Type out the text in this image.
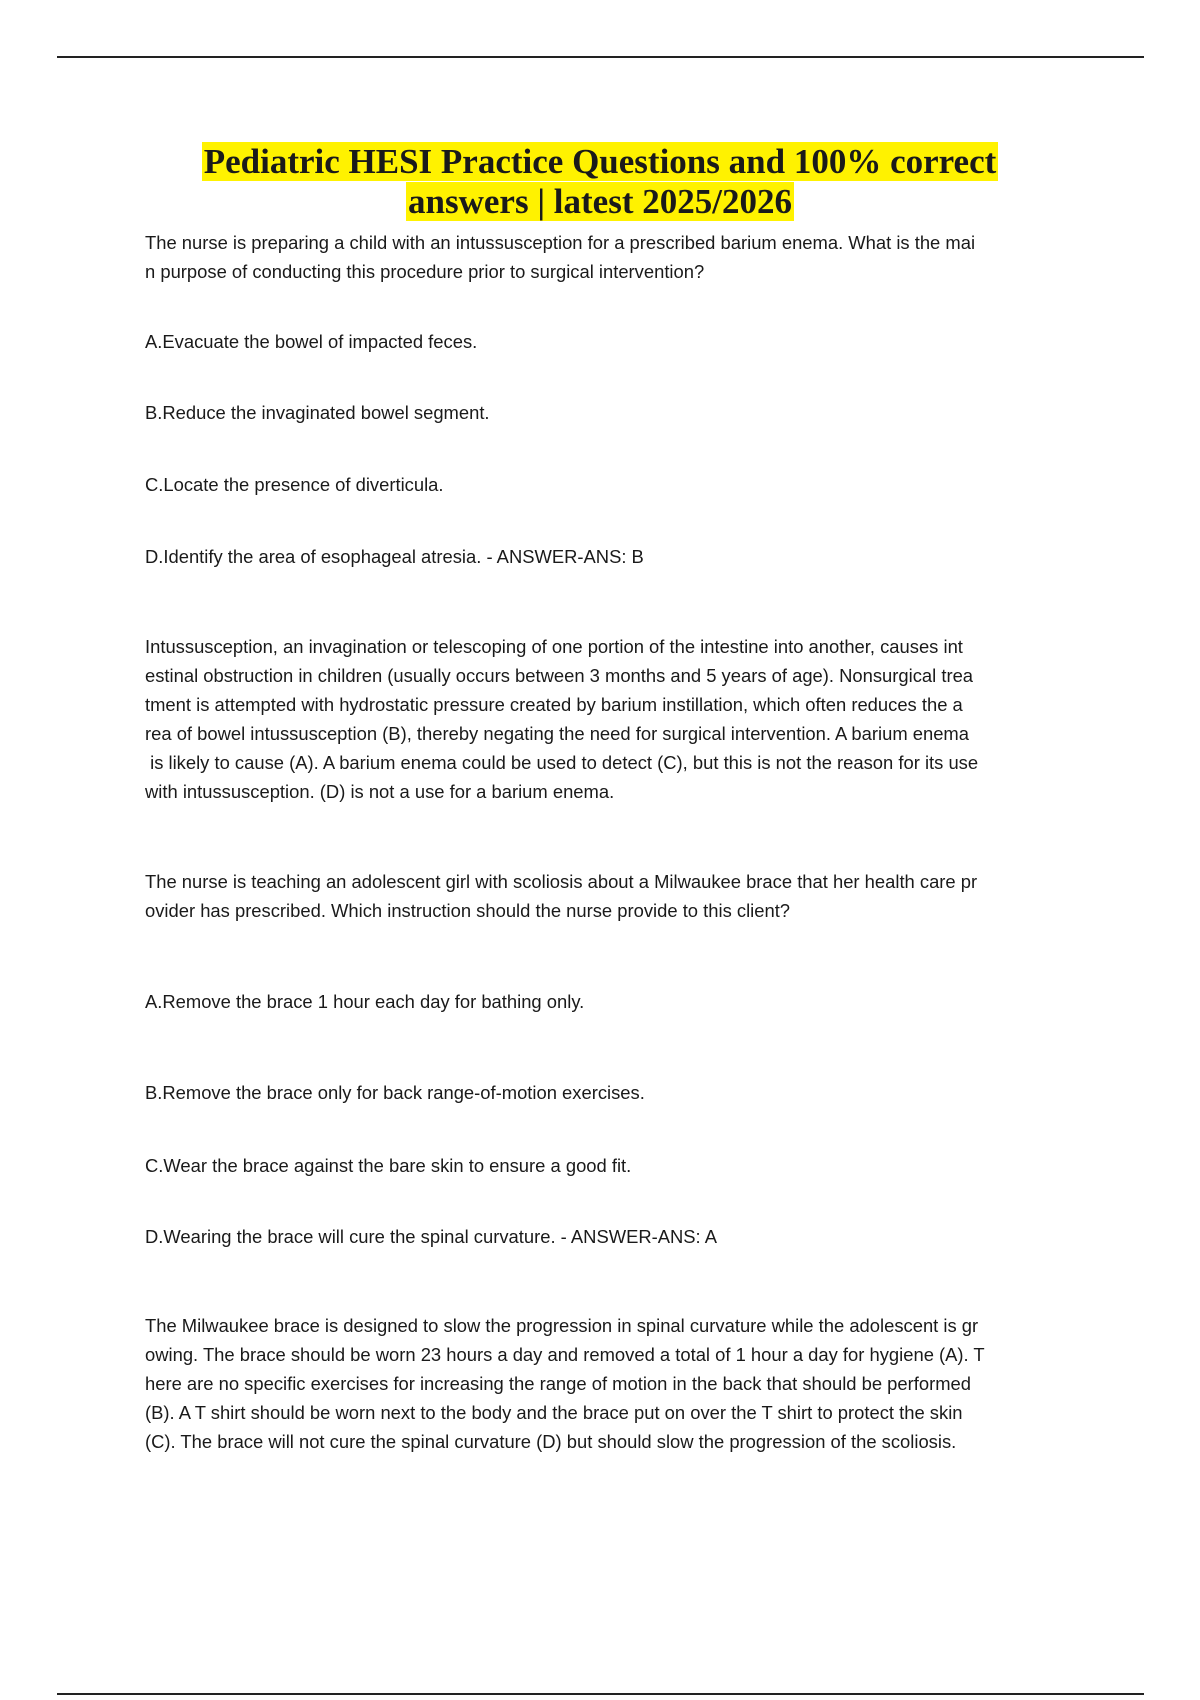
Pediatric HESI Practice Questions and 100% correct
answers | latest 2025/2026
The nurse is preparing a child with an intussusception for a prescribed barium enema. What is the mai
n purpose of conducting this procedure prior to surgical intervention?
A.Evacuate the bowel of impacted feces.
B.Reduce the invaginated bowel segment.
C.Locate the presence of diverticula.
D.Identify the area of esophageal atresia. - ANSWER-ANS: B
Intussusception, an invagination or telescoping of one portion of the intestine into another, causes int
estinal obstruction in children (usually occurs between 3 months and 5 years of age). Nonsurgical trea
tment is attempted with hydrostatic pressure created by barium instillation, which often reduces the a
rea of bowel intussusception (B), thereby negating the need for surgical intervention. A barium enema
is likely to cause (A). A barium enema could be used to detect (C), but this is not the reason for its use
with intussusception. (D) is not a use for a barium enema.
The nurse is teaching an adolescent girl with scoliosis about a Milwaukee brace that her health care pr
ovider has prescribed. Which instruction should the nurse provide to this client?
A.Remove the brace 1 hour each day for bathing only.
B.Remove the brace only for back range-of-motion exercises.
C.Wear the brace against the bare skin to ensure a good fit.
D.Wearing the brace will cure the spinal curvature. - ANSWER-ANS: A
The Milwaukee brace is designed to slow the progression in spinal curvature while the adolescent is gr
owing. The brace should be worn 23 hours a day and removed a total of 1 hour a day for hygiene (A). T
here are no specific exercises for increasing the range of motion in the back that should be performed
(B). A T shirt should be worn next to the body and the brace put on over the T shirt to protect the skin
(C). The brace will not cure the spinal curvature (D) but should slow the progression of the scoliosis.
